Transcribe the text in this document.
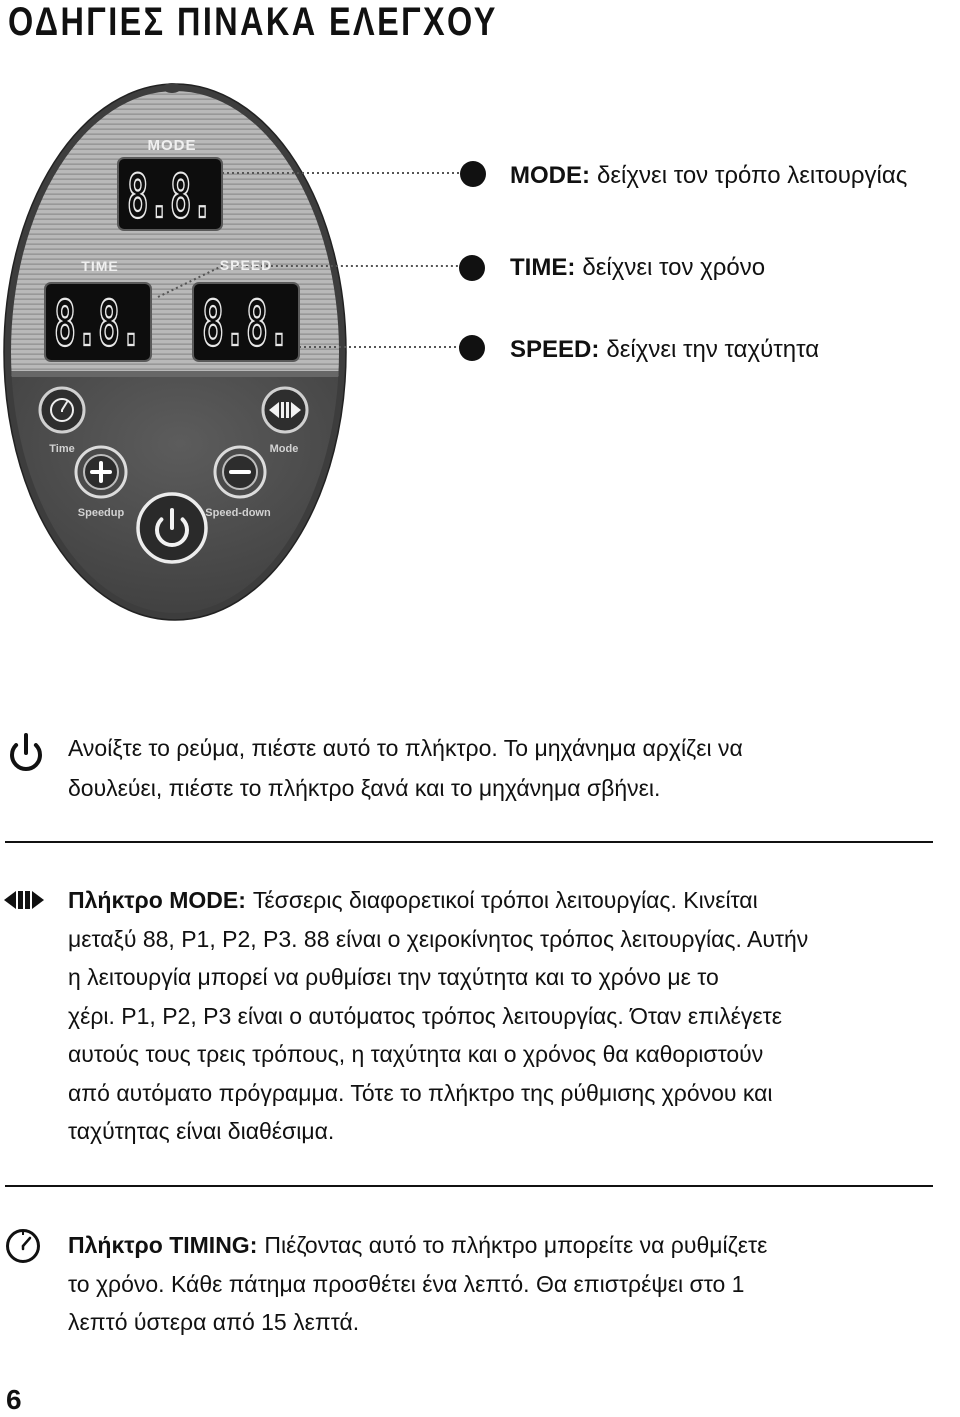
ΟΔΗΓΙΕΣ ΠΙΝΑΚΑ ΕΛΕΓΧΟΥ
MODE
8.8.
TIME
8.8.
SPEED
8.8.
Time	Mode
Speedup	Speed-down
MODE: δείχνει τον τρόπο λειτουργίας
TIME: δείχνει τον χρόνο
SPEED: δείχνει την ταχύτητα
Ανοίξτε το ρεύμα, πιέστε αυτό το πλήκτρο. Το μηχάνημα αρχίζει να
δουλεύει, πιέστε το πλήκτρο ξανά και το μηχάνημα σβήνει.
Πλήκτρο MODE: Τέσσερις διαφορετικοί τρόποι λειτουργίας. Κινείται
μεταξύ 88, P1, P2, P3. 88 είναι ο χειροκίνητος τρόπος λειτουργίας. Αυτήν
η λειτουργία μπορεί να ρυθμίσει την ταχύτητα και το χρόνο με το
χέρι. P1, P2, P3 είναι ο αυτόματος τρόπος λειτουργίας. Όταν επιλέγετε
αυτούς τους τρεις τρόπους, η ταχύτητα και ο χρόνος θα καθοριστούν
από αυτόματο πρόγραμμα. Τότε το πλήκτρο της ρύθμισης χρόνου και
ταχύτητας είναι διαθέσιμα.
Πλήκτρο TIMING: Πιέζοντας αυτό το πλήκτρο μπορείτε να ρυθμίζετε
το χρόνο. Κάθε πάτημα προσθέτει ένα λεπτό. Θα επιστρέψει στο 1
λεπτό ύστερα από 15 λεπτά.
6
